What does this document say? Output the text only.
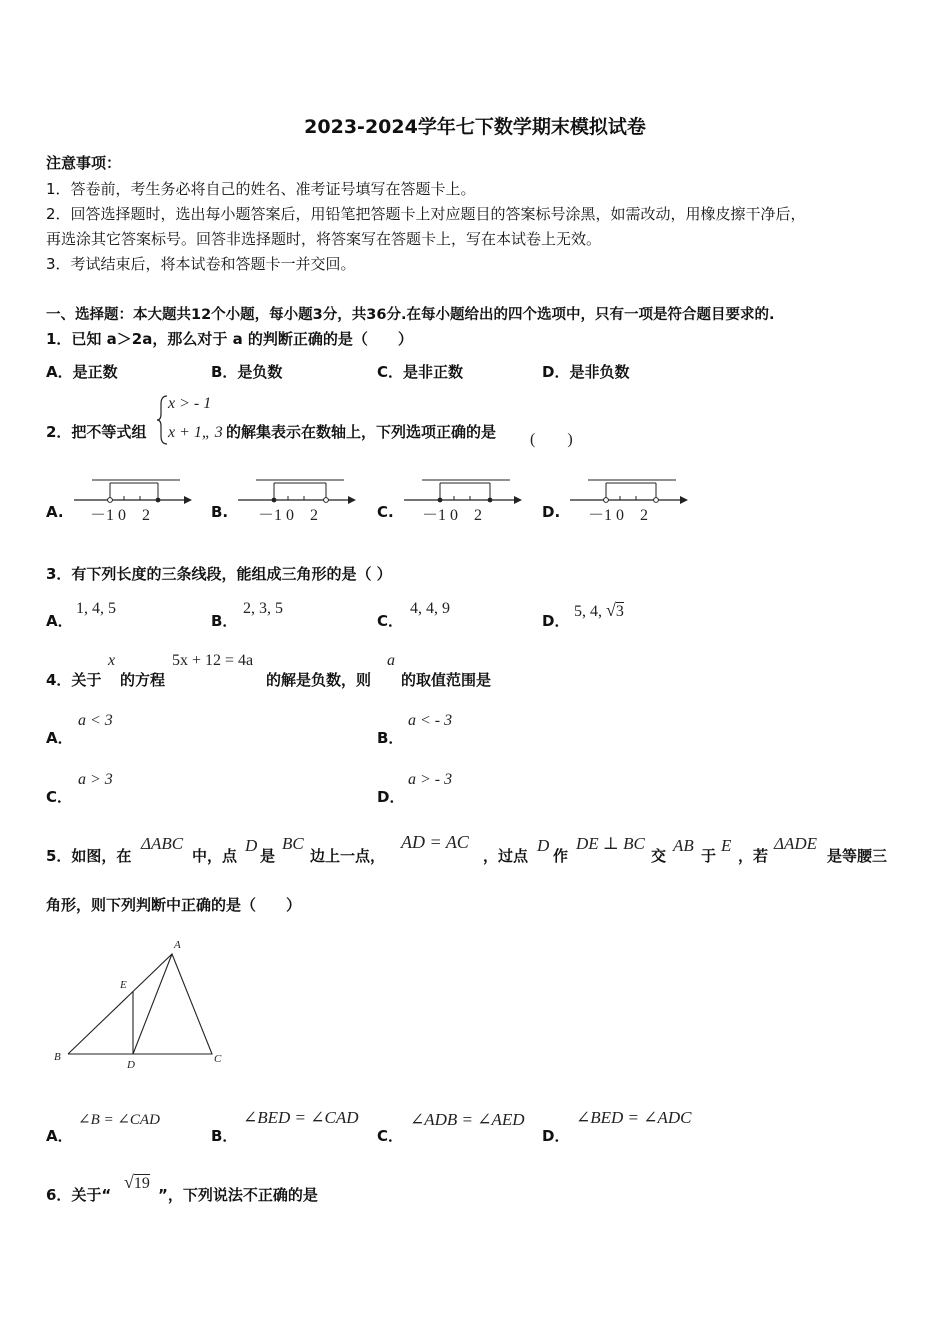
2023-2024学年七下数学期末模拟试卷
注意事项：
1．答卷前，考生务必将自己的姓名、准考证号填写在答题卡上。
2．回答选择题时，选出每小题答案后，用铅笔把答题卡上对应题目的答案标号涂黑，如需改动，用橡皮擦干净后，
再选涂其它答案标号。回答非选择题时，将答案写在答题卡上，写在本试卷上无效。
3．考试结束后，将本试卷和答题卡一并交回。
一、选择题：本大题共12个小题，每小题3分，共36分.在每小题给出的四个选项中，只有一项是符合题目要求的.
1．已知 a＞2a，那么对于 a 的判断正确的是（　　）
A．是正数	B．是负数	C．是非正数	D．是非负数
2．把不等式组
x > - 1
x + 1„ 3 的解集表示在数轴上，下列选项正确的是 (　　)
A. －1 0　2	B. －1 0　2	C. －1 0　2	D. －1 0　2
3．有下列长度的三条线段，能组成三角形的是（ ）
A．
1, 4, 5
B．
2, 3, 5
C．
4, 4, 9
D．
5, 4, √3
4．关于
x
的方程
5x + 12 = 4a
的解是负数，则
a
的取值范围是
A．
a < 3
B．
a < - 3
C．
a > 3
D．
a > - 3
5．如图，在
ΔABC
中，点
D
是
BC
边上一点，
AD = AC
，过点
D
作
DE ⊥ BC
交
AB
于
E
，若
ΔADE
是等腰三
角形，则下列判断中正确的是（　　）
A
B	C
D
E
A．
∠B = ∠CAD
B．
∠BED = ∠CAD
C．
∠ADB = ∠AED
D．
∠BED = ∠ADC
6．关于“
√19
”，下列说法不正确的是
